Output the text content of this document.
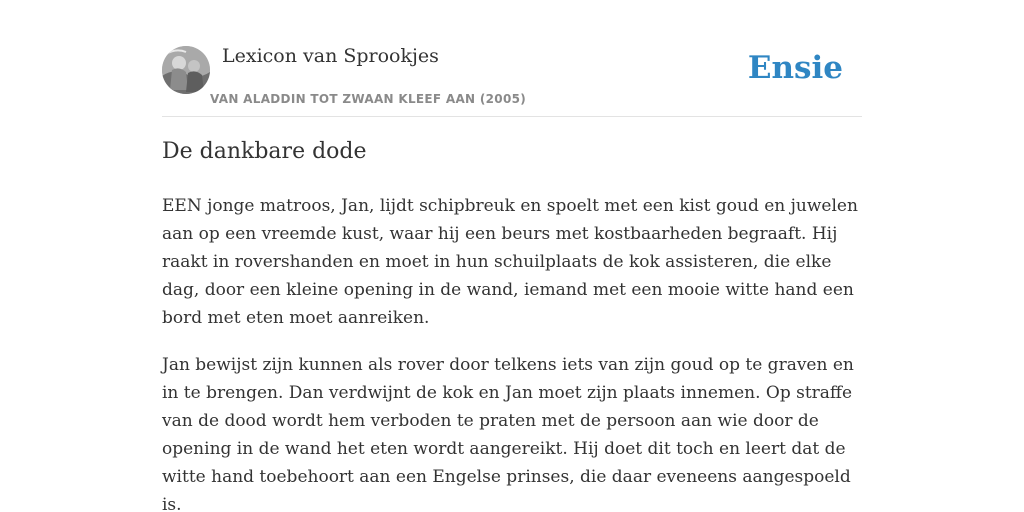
Lexicon van Sprookjes
VAN ALADDIN TOT ZWAAN KLEEF AAN (2005)
Ensie
De dankbare dode

EEN jonge matroos, Jan, lijdt schipbreuk en spoelt met een kist goud en juwelen
aan op een vreemde kust, waar hij een beurs met kostbaarheden begraaft. Hij
raakt in rovershanden en moet in hun schuilplaats de kok assisteren, die elke
dag, door een kleine opening in de wand, iemand met een mooie witte hand een
bord met eten moet aanreiken.

Jan bewijst zijn kunnen als rover door telkens iets van zijn goud op te graven en
in te brengen. Dan verdwijnt de kok en Jan moet zijn plaats innemen. Op straffe
van de dood wordt hem verboden te praten met de persoon aan wie door de
opening in de wand het eten wordt aangereikt. Hij doet dit toch en leert dat de
witte hand toebehoort aan een Engelse prinses, die daar eveneens aangespoeld
is.
